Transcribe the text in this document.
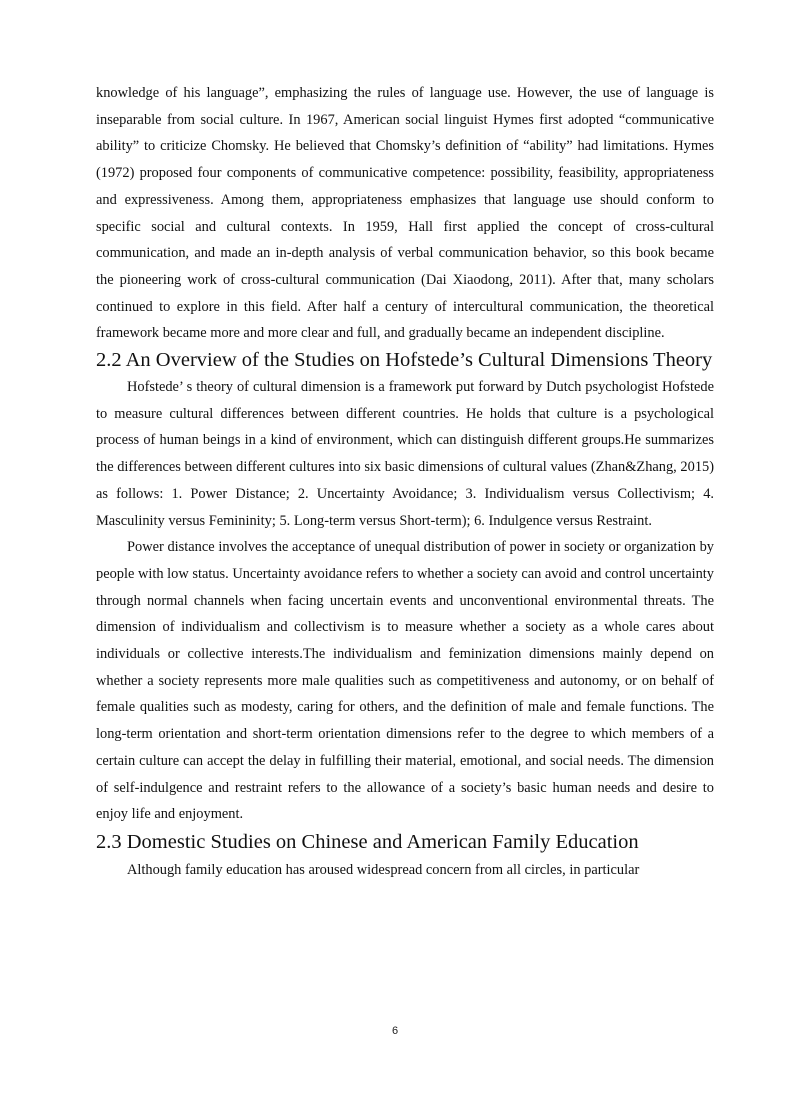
knowledge of his language”, emphasizing the rules of language use. However, the use of language is inseparable from social culture. In 1967, American social linguist Hymes first adopted “communicative ability” to criticize Chomsky. He believed that Chomsky’s definition of “ability” had limitations. Hymes (1972) proposed four components of communicative competence: possibility, feasibility, appropriateness and expressiveness. Among them, appropriateness emphasizes that language use should conform to specific social and cultural contexts. In 1959, Hall first applied the concept of cross-cultural communication, and made an in-depth analysis of verbal communication behavior, so this book became the pioneering work of cross-cultural communication (Dai Xiaodong, 2011). After that, many scholars continued to explore in this field. After half a century of intercultural communication, the theoretical framework became more and more clear and full, and gradually became an independent discipline.

2.2 An Overview of the Studies on Hofstede’s Cultural Dimensions Theory

Hofstede’ s theory of cultural dimension is a framework put forward by Dutch psychologist Hofstede to measure cultural differences between different countries. He holds that culture is a psychological process of human beings in a kind of environment, which can distinguish different groups.He summarizes the differences between different cultures into six basic dimensions of cultural values (Zhan&Zhang, 2015) as follows: 1. Power Distance; 2. Uncertainty Avoidance; 3. Individualism versus Collectivism; 4. Masculinity versus Femininity; 5. Long-term versus Short-term); 6. Indulgence versus Restraint.

Power distance involves the acceptance of unequal distribution of power in society or organization by people with low status. Uncertainty avoidance refers to whether a society can avoid and control uncertainty through normal channels when facing uncertain events and unconventional environmental threats. The dimension of individualism and collectivism is to measure whether a society as a whole cares about individuals or collective interests.The individualism and feminization dimensions mainly depend on whether a society represents more male qualities such as competitiveness and autonomy, or on behalf of female qualities such as modesty, caring for others, and the definition of male and female functions. The long-term orientation and short-term orientation dimensions refer to the degree to which members of a certain culture can accept the delay in fulfilling their material, emotional, and social needs. The dimension of self-indulgence and restraint refers to the allowance of a society’s basic human needs and desire to enjoy life and enjoyment.

2.3 Domestic Studies on Chinese and American Family Education

Although family education has aroused widespread concern from all circles, in particular

6
